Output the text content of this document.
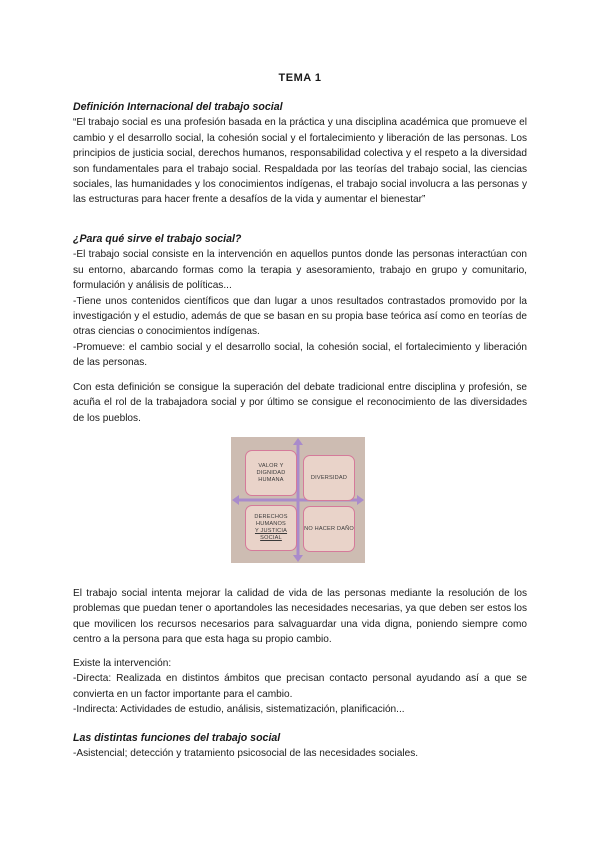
TEMA 1
Definición Internacional del trabajo social

“El trabajo social es una profesión basada en la práctica y una disciplina académica que promueve el cambio y el desarrollo social, la cohesión social y el fortalecimiento y liberación de las personas. Los principios de justicia social, derechos humanos, responsabilidad colectiva y el respeto a la diversidad son fundamentales para el trabajo social. Respaldada por las teorías del trabajo social, las ciencias sociales, las humanidades y los conocimientos indígenas, el trabajo social involucra a las personas y las estructuras para hacer frente a desafíos de la vida y aumentar el bienestar”

¿Para qué sirve el trabajo social?

-El trabajo social consiste en la intervención en aquellos puntos donde las personas interactúan con su entorno, abarcando formas como la terapia y asesoramiento, trabajo en grupo y comunitario, formulación y análisis de políticas...

-Tiene unos contenidos científicos que dan lugar a unos resultados contrastados promovido por la investigación y el estudio, además de que se basan en su propia base teórica así como en teorías de otras ciencias o conocimientos indígenas.

-Promueve: el cambio social y el desarrollo social, la cohesión social, el fortalecimiento y liberación de las personas.

Con esta definición se consigue la superación del debate tradicional entre disciplina y profesión, se acuña el rol de la trabajadora social y por último se consigue el reconocimiento de las diversidades de los pueblos.

VALOR Y DIGNIDAD HUMANA	DIVERSIDAD
DERECHOS HUMANOS
Y JUSTICIA SOCIAL
NO HACER DAÑO

El trabajo social intenta mejorar la calidad de vida de las personas mediante la resolución de los problemas que puedan tener o aportandoles las necesidades necesarias, ya que deben ser estos los que movilicen los recursos necesarios para salvaguardar una vida digna, poniendo siempre como centro a la persona para que esta haga su propio cambio.

Existe la intervención:

-Directa: Realizada en distintos ámbitos que precisan contacto personal ayudando así a que se convierta en un factor importante para el cambio.

-Indirecta: Actividades de estudio, análisis, sistematización, planificación...

Las distintas funciones del trabajo social

-Asistencial; detección y tratamiento psicosocial de las necesidades sociales.
